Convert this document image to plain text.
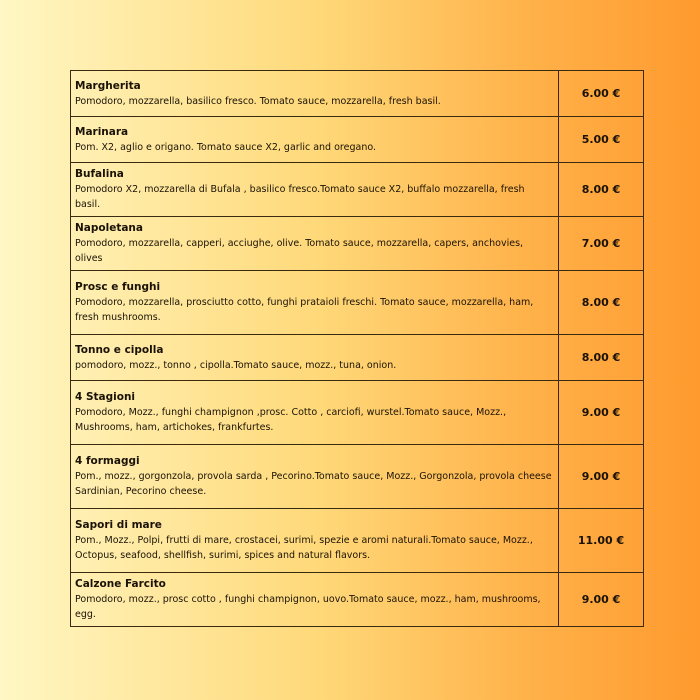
Margherita
Pomodoro, mozzarella, basilico fresco. Tomato sauce, mozzarella, fresh basil.	6.00 €

Marinara
Pom. X2, aglio e origano. Tomato sauce X2, garlic and oregano.	5.00 €

Bufalina
Pomodoro X2, mozzarella di Bufala , basilico fresco.Tomato sauce X2, buffalo mozzarella, fresh basil.	8.00 €

Napoletana
Pomodoro, mozzarella, capperi, acciughe, olive. Tomato sauce, mozzarella, capers, anchovies, olives	7.00 €

Prosc e funghi
Pomodoro, mozzarella, prosciutto cotto, funghi prataioli freschi. Tomato sauce, mozzarella, ham, fresh mushrooms.	8.00 €

Tonno e cipolla
pomodoro, mozz., tonno , cipolla.Tomato sauce, mozz., tuna, onion.	8.00 €

4 Stagioni
Pomodoro, Mozz., funghi champignon ,prosc. Cotto , carciofi, wurstel.Tomato sauce, Mozz., Mushrooms, ham, artichokes, frankfurtes.	9.00 €

4 formaggi
Pom., mozz., gorgonzola, provola sarda , Pecorino.Tomato sauce, Mozz., Gorgonzola, provola cheese Sardinian, Pecorino cheese.	9.00 €

Sapori di mare
Pom., Mozz., Polpi, frutti di mare, crostacei, surimi, spezie e aromi naturali.Tomato sauce, Mozz., Octopus, seafood, shellfish, surimi, spices and natural flavors.	11.00 €

Calzone Farcito
Pomodoro, mozz., prosc cotto , funghi champignon, uovo.Tomato sauce, mozz., ham, mushrooms, egg.	9.00 €
